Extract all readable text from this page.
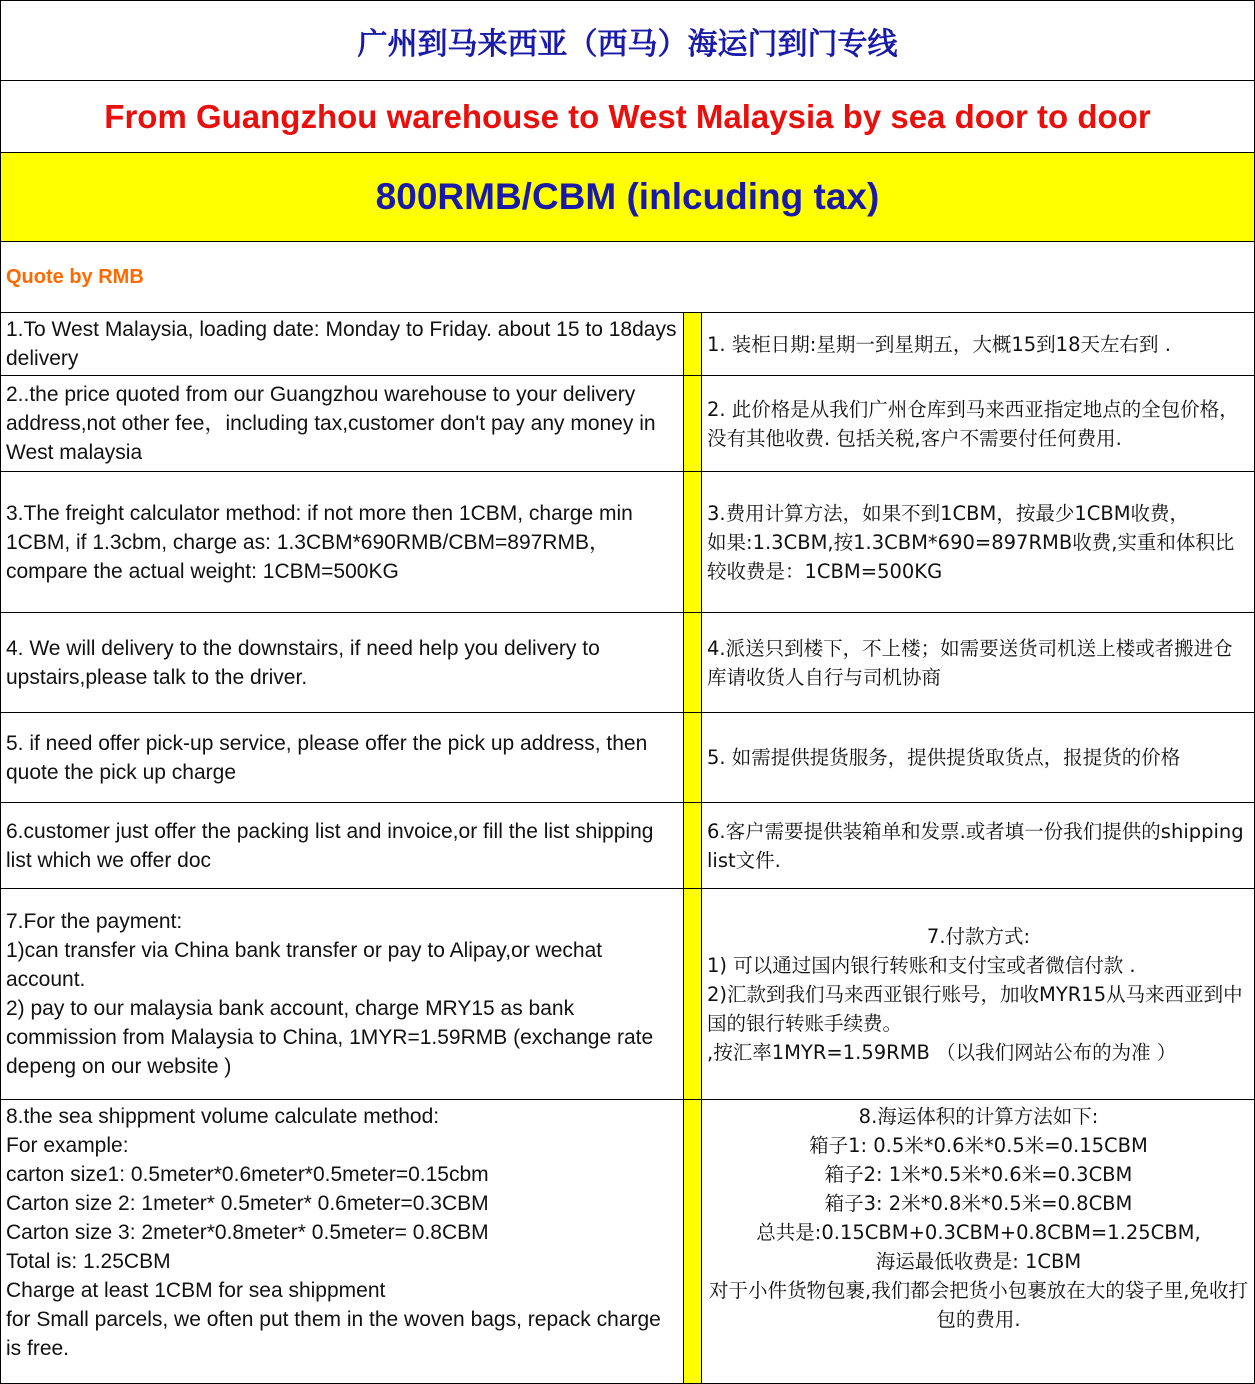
广州到马来西亚（西马）海运门到门专线
From Guangzhou warehouse to West Malaysia by sea door to door
800RMB/CBM (inlcuding tax)
Quote by RMB
1.To West Malaysia, loading date: Monday to Friday. about 15 to 18days delivery
1. 装柜日期:星期一到星期五，大概15到18天左右到 .
2..the price quoted from our Guangzhou warehouse to your delivery address,not other fee，including tax,customer don't pay any money in West malaysia
2. 此价格是从我们广州仓库到马来西亚指定地点的全包价格，没有其他收费. 包括关税,客户不需要付任何费用.
3.The freight calculator method: if not more then 1CBM, charge min 1CBM, if 1.3cbm, charge as: 1.3CBM*690RMB/CBM=897RMB，compare the actual weight: 1CBM=500KG
3.费用计算方法，如果不到1CBM，按最少1CBM收费，
如果:1.3CBM,按1.3CBM*690=897RMB收费,实重和体积比较收费是：1CBM=500KG
4. We will delivery to the downstairs, if need help you delivery to upstairs,please talk to the driver.
4.派送只到楼下，不上楼；如需要送货司机送上楼或者搬进仓库请收货人自行与司机协商
5. if need offer pick-up service, please offer the pick up address, then quote the pick up charge
5. 如需提供提货服务，提供提货取货点，报提货的价格
6.customer just offer the packing list and invoice,or fill the list shipping list which we offer doc
6.客户需要提供装箱单和发票.或者填一份我们提供的shipping list文件.
7.For the payment:
1)can transfer via China bank transfer or pay to Alipay,or wechat account.
2) pay to our malaysia bank account, charge MRY15 as bank commission from Malaysia to China, 1MYR=1.59RMB (exchange rate depeng on our website )
7.付款方式:
1) 可以通过国内银行转账和支付宝或者微信付款 .
2)汇款到我们马来西亚银行账号，加收MYR15从马来西亚到中国的银行转账手续费。
,按汇率1MYR=1.59RMB （以我们网站公布的为准 ）
8.the sea shippment volume calculate method:
For example:
carton size1: 0.5meter*0.6meter*0.5meter=0.15cbm
Carton size 2: 1meter* 0.5meter* 0.6meter=0.3CBM
Carton size 3: 2meter*0.8meter* 0.5meter= 0.8CBM
Total is: 1.25CBM
Charge at least 1CBM for sea shippment
for Small parcels, we often put them in the woven bags, repack charge is free.
8.海运体积的计算方法如下:
箱子1: 0.5米*0.6米*0.5米=0.15CBM
箱子2: 1米*0.5米*0.6米=0.3CBM
箱子3: 2米*0.8米*0.5米=0.8CBM
总共是:0.15CBM+0.3CBM+0.8CBM=1.25CBM,
海运最低收费是: 1CBM
对于小件货物包裹,我们都会把货小包裹放在大的袋子里,免收打包的费用.
